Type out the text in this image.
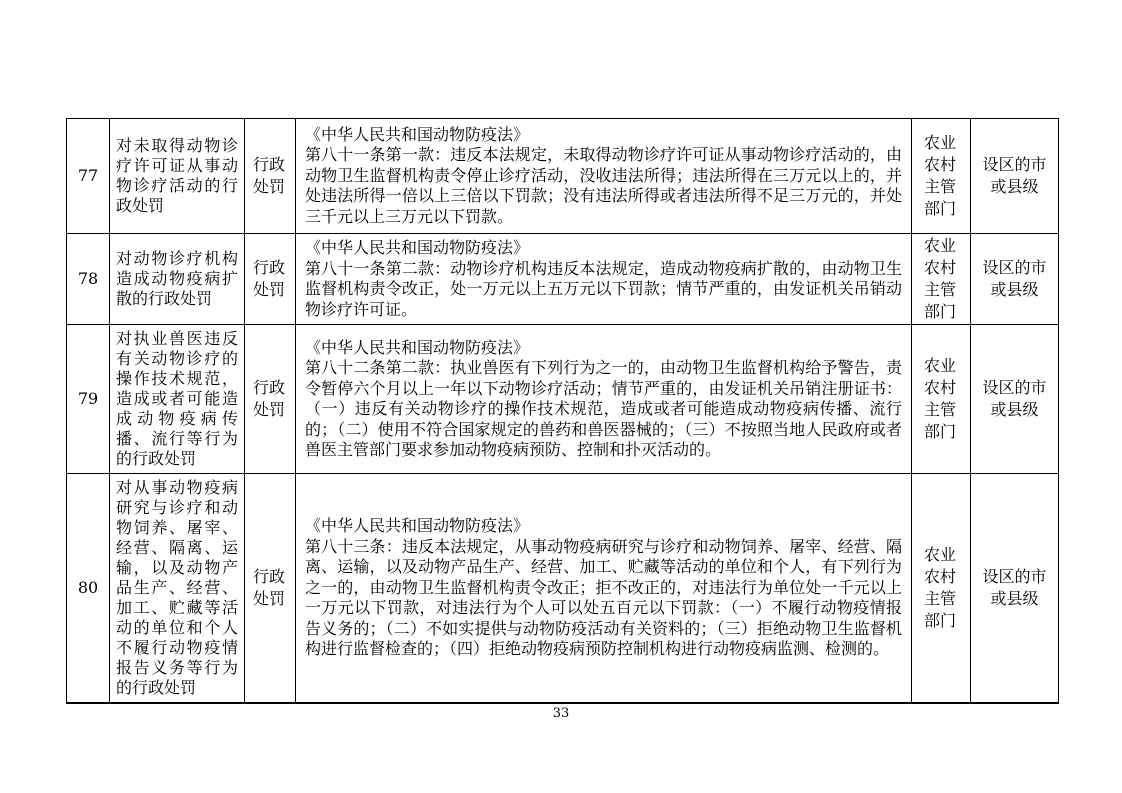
77	对未取得动物诊疗许可证从事动物诊疗活动的行政处罚	行政处罚	《中华人民共和国动物防疫法》
第八十一条第一款：违反本法规定，未取得动物诊疗许可证从事动物诊疗活动的，由动物卫生监督机构责令停止诊疗活动，没收违法所得；违法所得在三万元以上的，并处违法所得一倍以上三倍以下罚款；没有违法所得或者违法所得不足三万元的，并处三千元以上三万元以下罚款。	农业农村主管部门	设区的市或县级
78	对动物诊疗机构造成动物疫病扩散的行政处罚	行政处罚	《中华人民共和国动物防疫法》
第八十一条第二款：动物诊疗机构违反本法规定，造成动物疫病扩散的，由动物卫生监督机构责令改正，处一万元以上五万元以下罚款；情节严重的，由发证机关吊销动物诊疗许可证。	农业农村主管部门	设区的市或县级
79	对执业兽医违反有关动物诊疗的操作技术规范，造成或者可能造成动物疫病传播、流行等行为的行政处罚	行政处罚	《中华人民共和国动物防疫法》
第八十二条第二款：执业兽医有下列行为之一的，由动物卫生监督机构给予警告，责令暂停六个月以上一年以下动物诊疗活动；情节严重的，由发证机关吊销注册证书：（一）违反有关动物诊疗的操作技术规范，造成或者可能造成动物疫病传播、流行的；（二）使用不符合国家规定的兽药和兽医器械的；（三）不按照当地人民政府或者兽医主管部门要求参加动物疫病预防、控制和扑灭活动的。	农业农村主管部门	设区的市或县级
80	对从事动物疫病研究与诊疗和动物饲养、屠宰、经营、隔离、运输，以及动物产品生产、经营、加工、贮藏等活动的单位和个人不履行动物疫情报告义务等行为的行政处罚	行政处罚	《中华人民共和国动物防疫法》
第八十三条：违反本法规定，从事动物疫病研究与诊疗和动物饲养、屠宰、经营、隔离、运输，以及动物产品生产、经营、加工、贮藏等活动的单位和个人，有下列行为之一的，由动物卫生监督机构责令改正；拒不改正的，对违法行为单位处一千元以上一万元以下罚款，对违法行为个人可以处五百元以下罚款：（一）不履行动物疫情报告义务的；（二）不如实提供与动物防疫活动有关资料的；（三）拒绝动物卫生监督机构进行监督检查的；（四）拒绝动物疫病预防控制机构进行动物疫病监测、检测的。	农业农村主管部门	设区的市或县级
33
